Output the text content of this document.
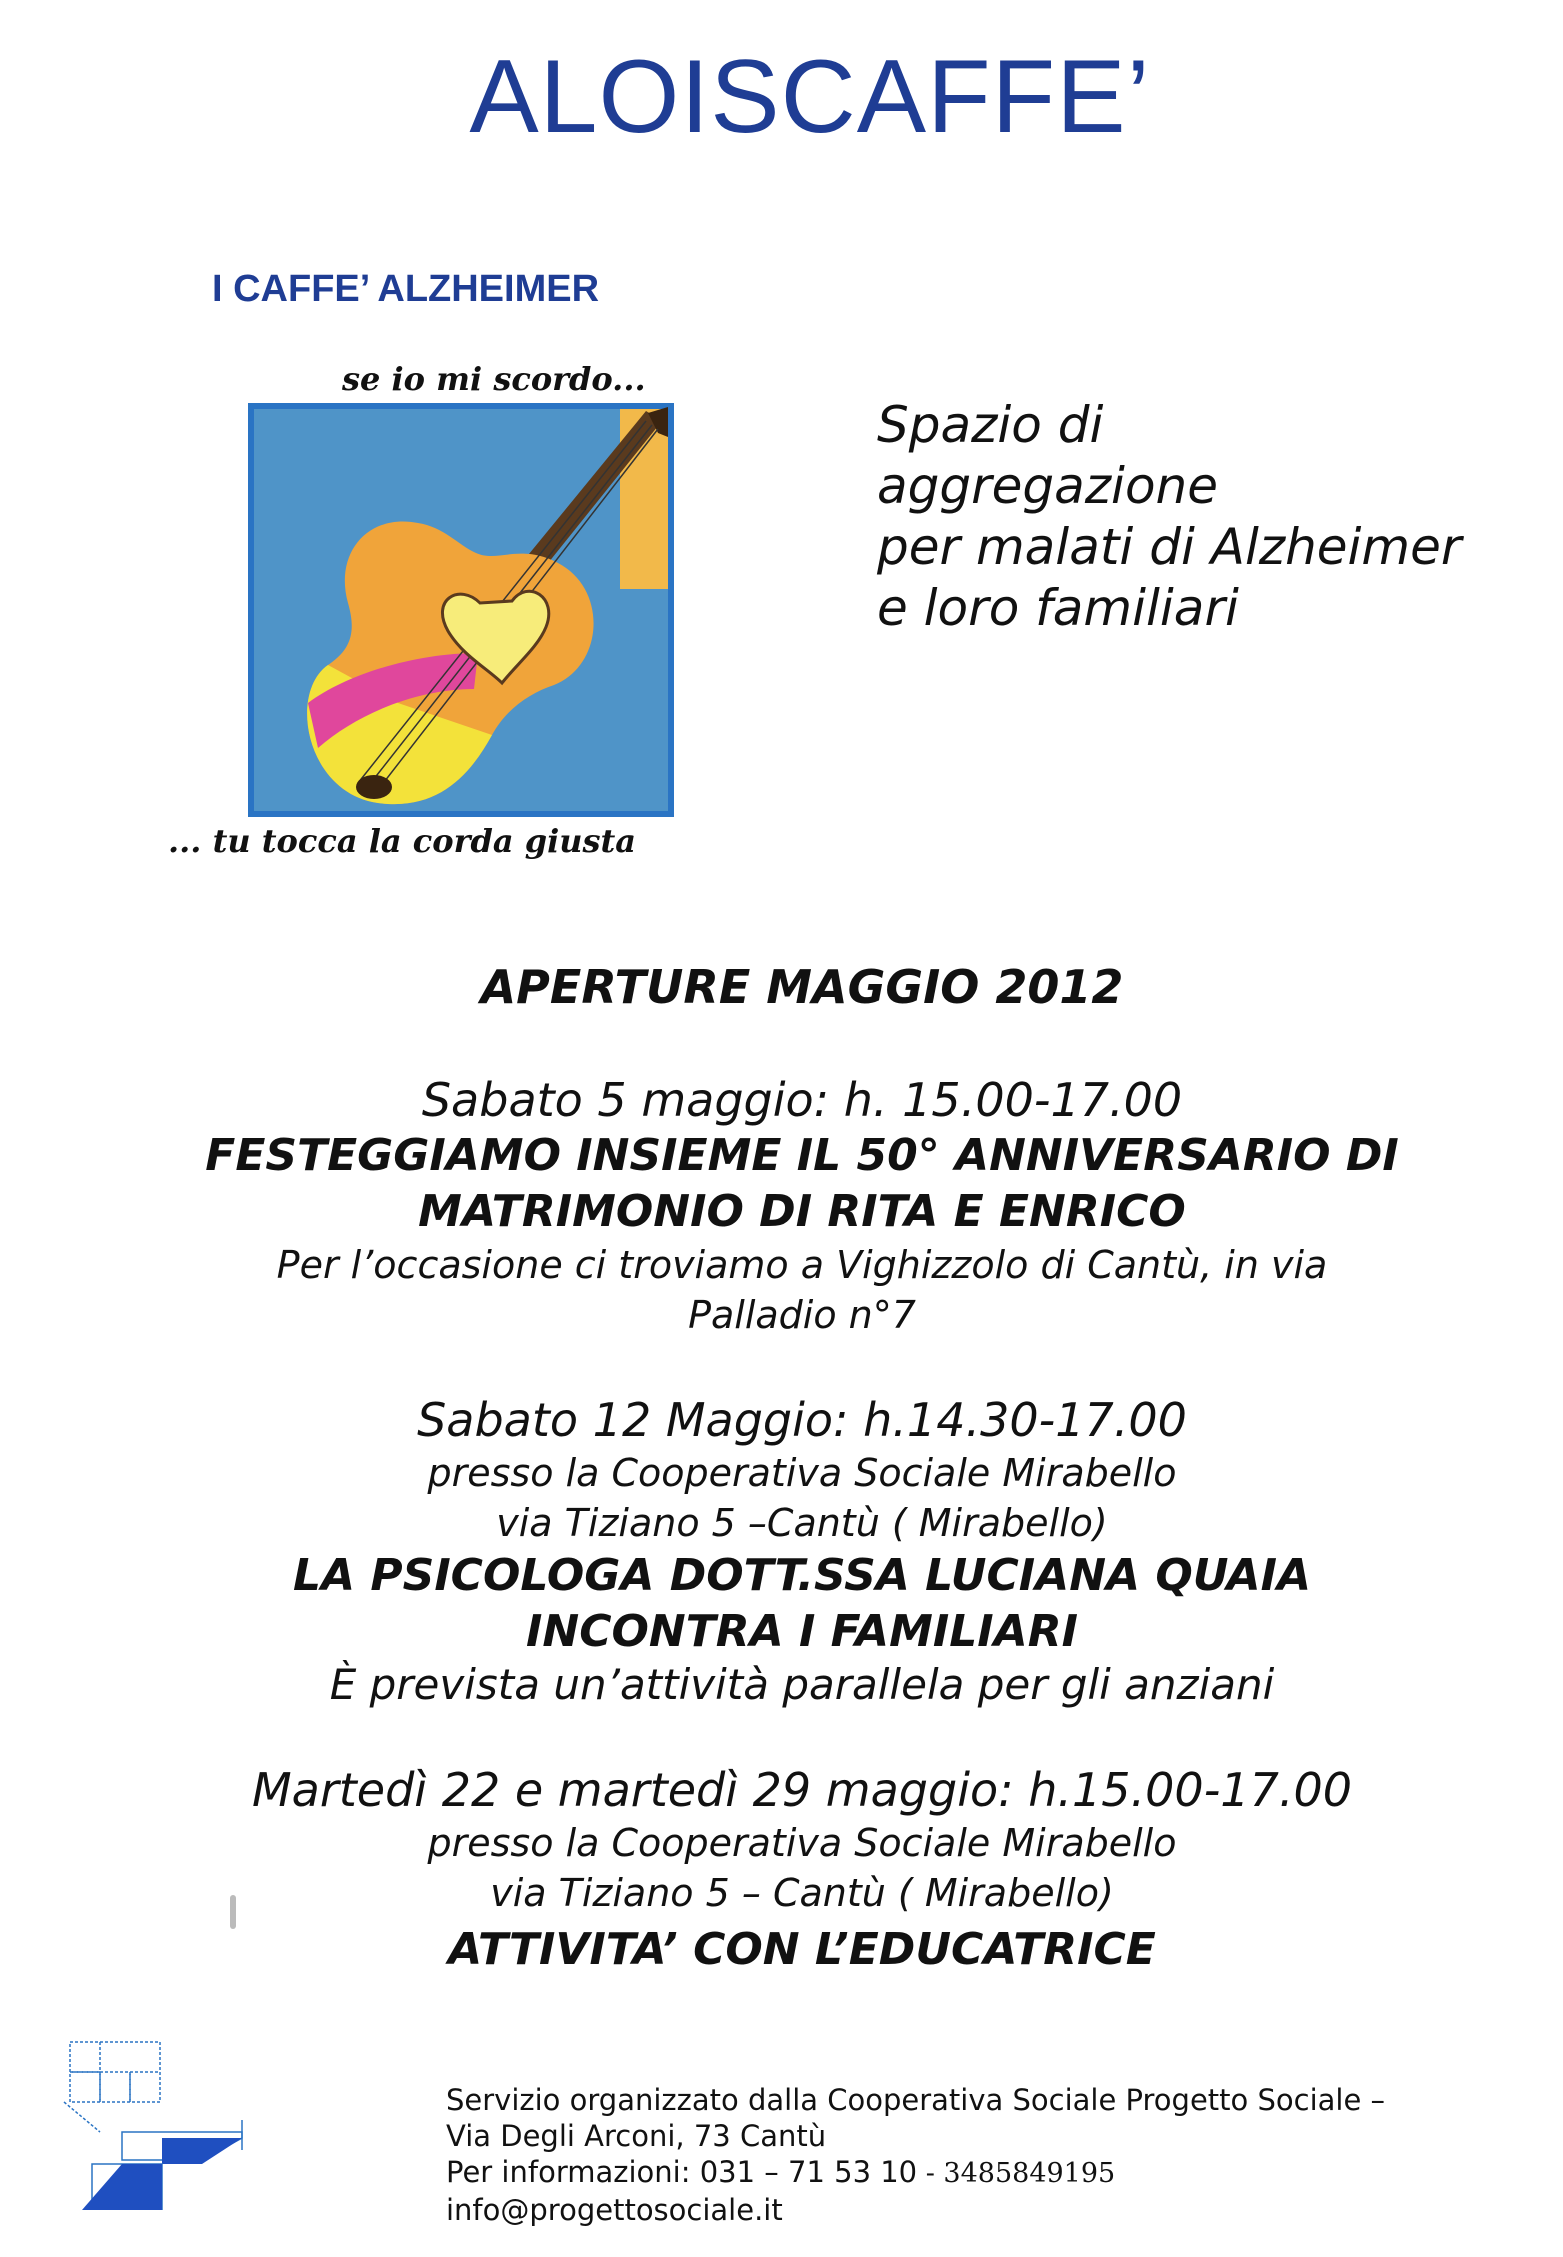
ALOISCAFFE’
I CAFFE’ ALZHEIMER
se io mi scordo...
... tu tocca la corda giusta
Spazio di
aggregazione
per malati di Alzheimer
e loro familiari
APERTURE MAGGIO 2012
Sabato 5 maggio: h. 15.00-17.00
FESTEGGIAMO INSIEME IL 50° ANNIVERSARIO DI
MATRIMONIO DI RITA E ENRICO
Per l’occasione ci troviamo a Vighizzolo di Cantù, in via
Palladio n°7
Sabato 12 Maggio: h.14.30-17.00
presso la Cooperativa Sociale Mirabello
via Tiziano 5 –Cantù ( Mirabello)
LA PSICOLOGA DOTT.SSA LUCIANA QUAIA
INCONTRA I FAMILIARI
È prevista un’attività parallela per gli anziani
Martedì 22 e martedì 29 maggio: h.15.00-17.00
presso la Cooperativa Sociale Mirabello
via Tiziano 5 – Cantù ( Mirabello)
ATTIVITA’ CON L’EDUCATRICE
Servizio organizzato dalla Cooperativa Sociale Progetto Sociale –
Via Degli Arconi, 73 Cantù
Per informazioni: 031 – 71 53 10 - 3485849195
info@progettosociale.it
